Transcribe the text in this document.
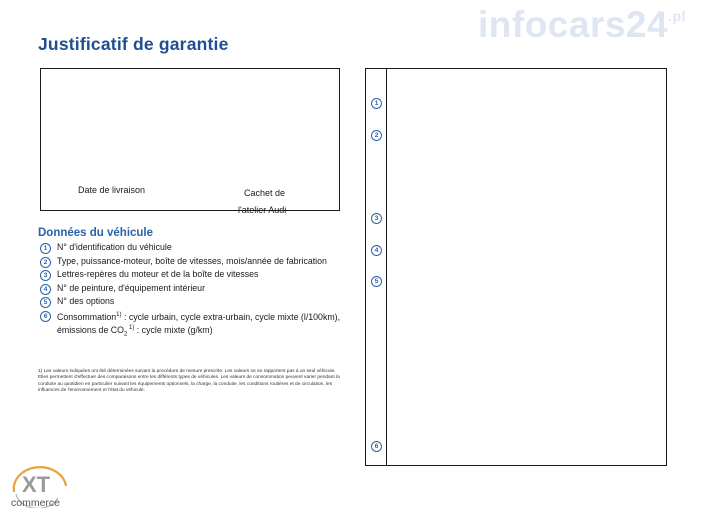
Justificatif de garantie	$infocars24^{.pl}$
Date de livraison	Cachet de
l'atelier Audi
1
2
3
4
5
6
Données du véhicule
1	N° d'identification du véhicule
2	Type, puissance-moteur, boîte de vitesses, mois/année de fabrication
3	Lettres-repères du moteur et de la boîte de vitesses
4	N° de peinture, d'équipement intérieur
5	N° des options
6	Consommation$^{1)}$ : cycle urbain, cycle extra-urbain, cycle mixte (l/100km), émissions de $CO_2$ $^{1)}$ : cycle mixte (g/km)
1) Les valeurs indiquées ont été déterminées suivant la procédure de mesure prescrite. Les valeurs ne se rapportent pas à un seul véhicule. Elles permettent d'effectuer des comparaisons entre les différents types de véhicules. Les valeurs de consommation peuvent varier pendant la conduite au quotidien en particulier suivant les équipements optionnels, la charge, la conduite, les conditions routières et de circulation, les influences de l'environnement et l'état du véhicule.
XT
commerce
